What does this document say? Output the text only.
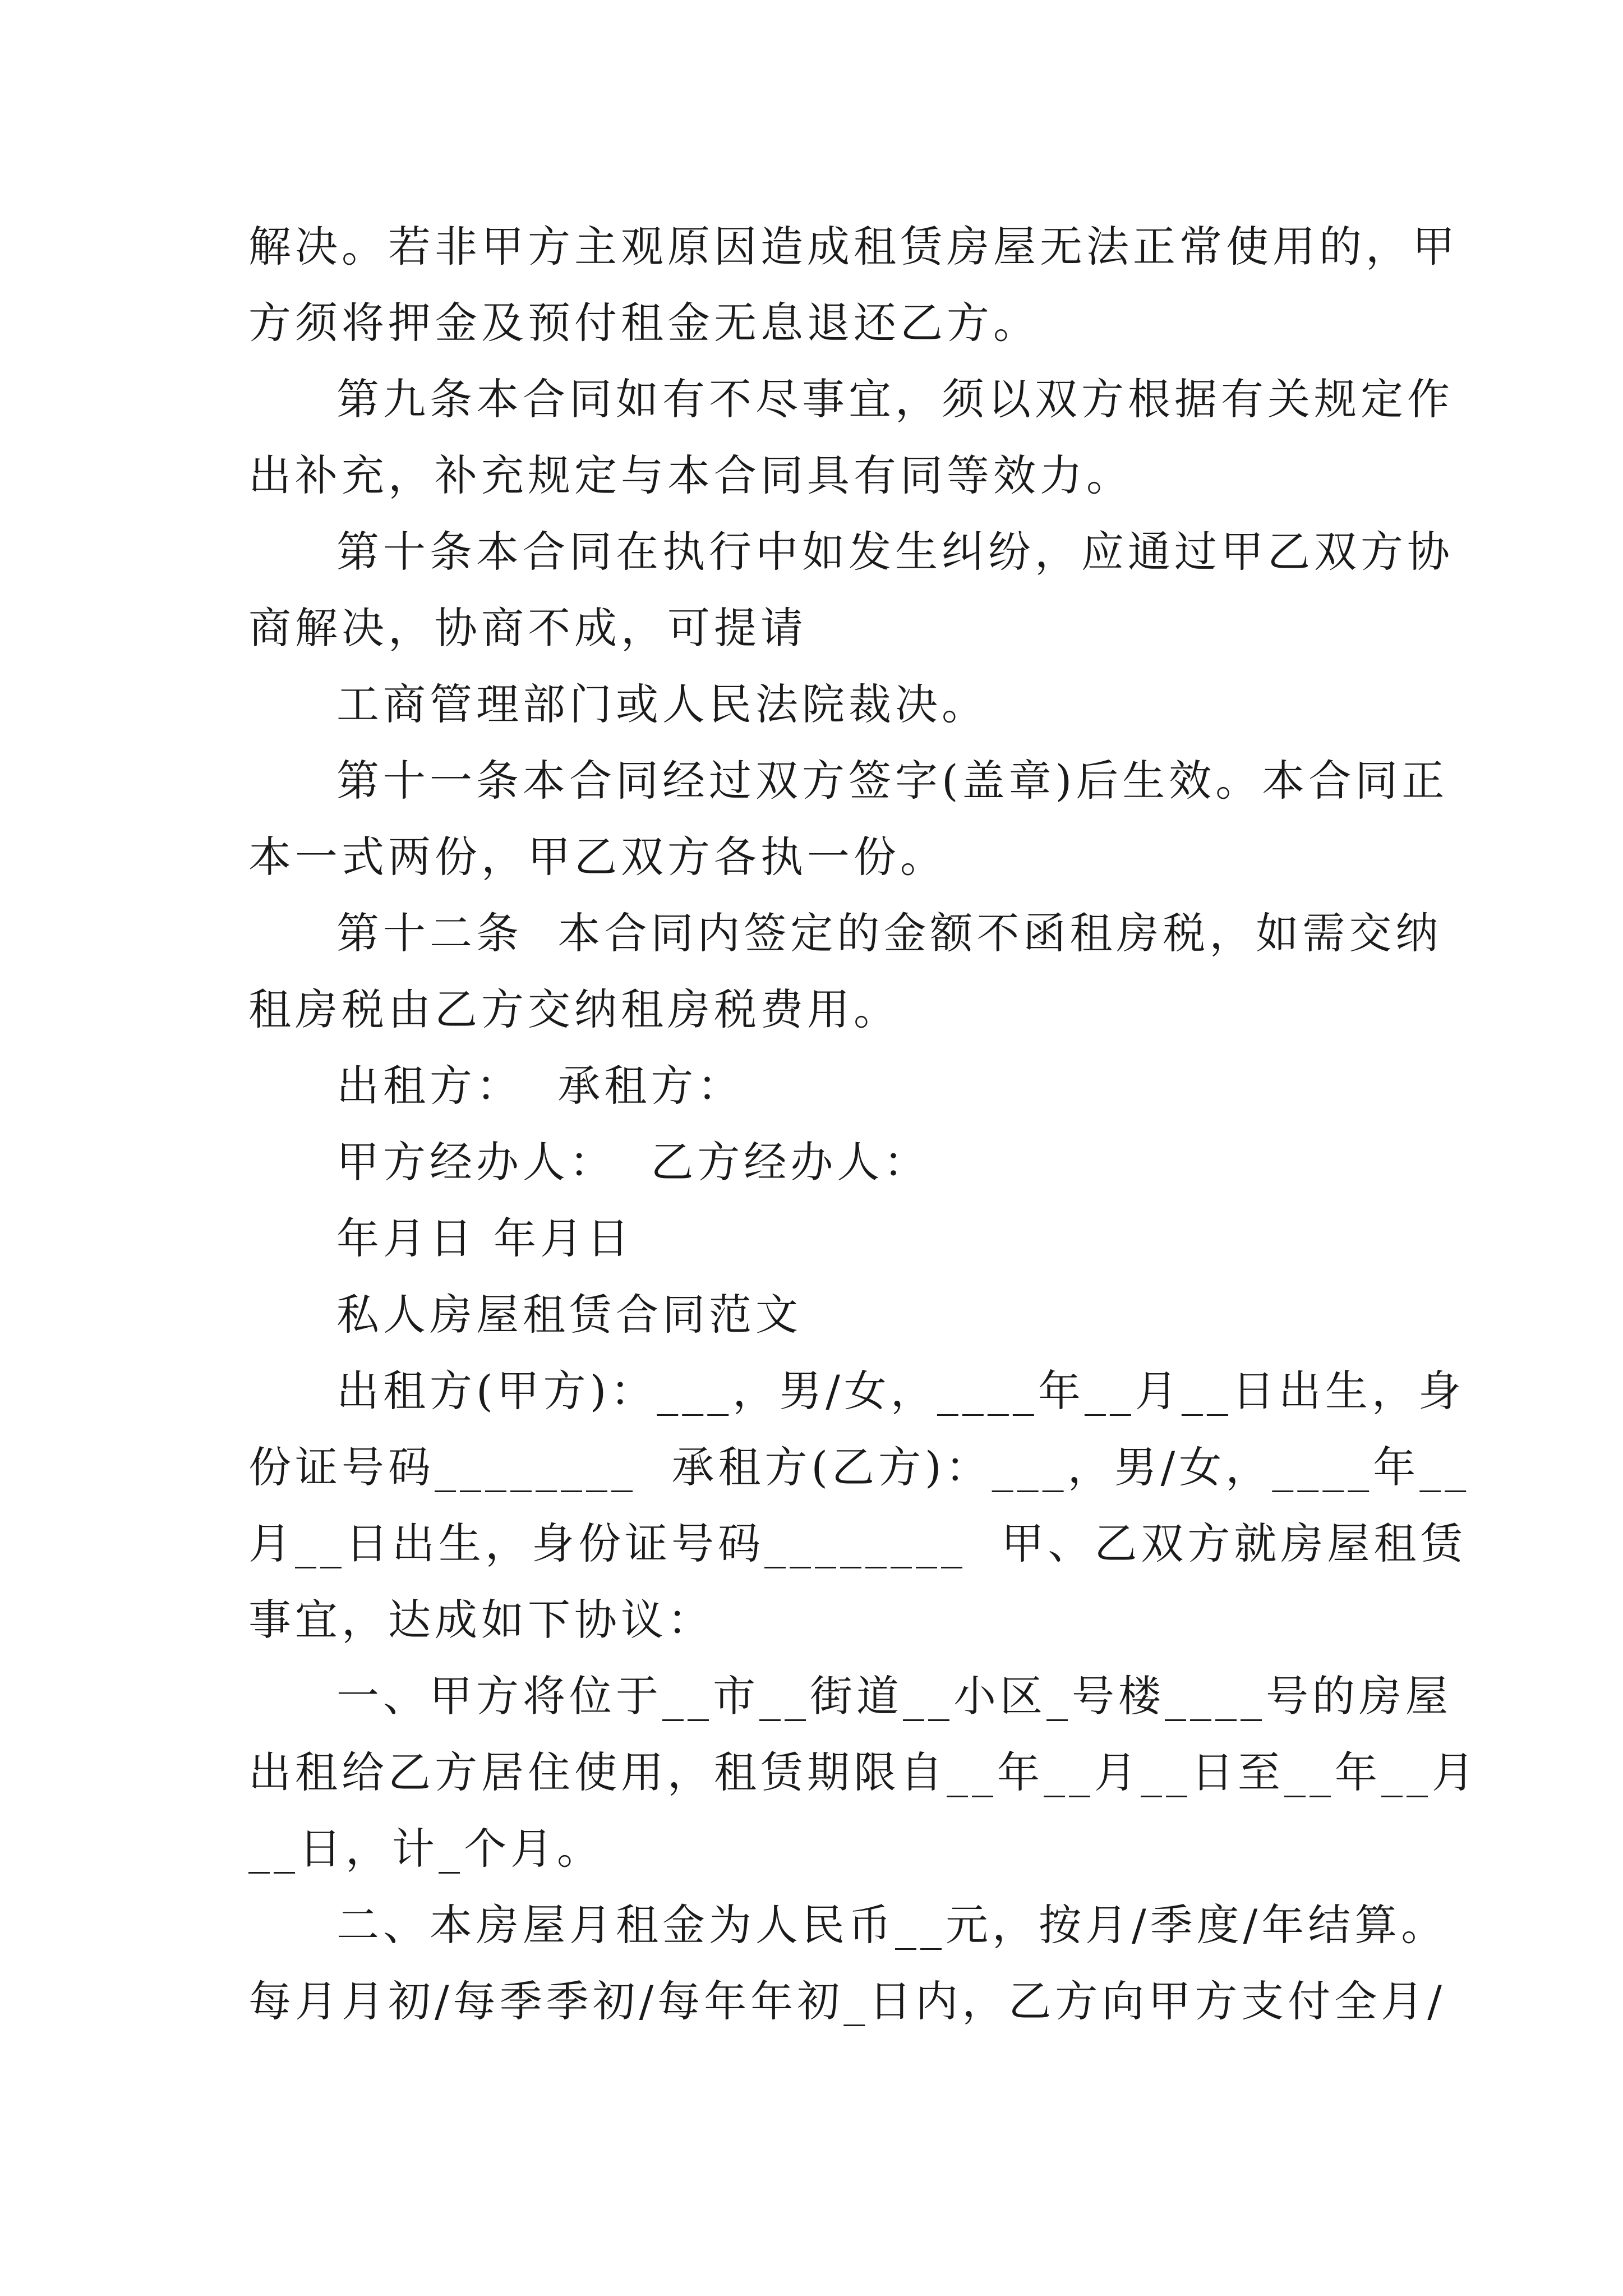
解决。若非甲方主观原因造成租赁房屋无法正常使用的，甲
方须将押金及预付租金无息退还乙方。
第九条本合同如有不尽事宜，须以双方根据有关规定作
出补充，补充规定与本合同具有同等效力。
第十条本合同在执行中如发生纠纷，应通过甲乙双方协
商解决，协商不成，可提请
工商管理部门或人民法院裁决。
第十一条本合同经过双方签字(盖章)后生效。本合同正
本一式两份，甲乙双方各执一份。
第十二条  本合同内签定的金额不函租房税，如需交纳
租房税由乙方交纳租房税费用。
出租方：  承租方：
甲方经办人：  乙方经办人：
年月日 年月日
私人房屋租赁合同范文
出租方(甲方)：___，男/女，____年__月__日出生，身
份证号码________  承租方(乙方)：___，男/女，____年__
月__日出生，身份证号码________  甲、乙双方就房屋租赁
事宜，达成如下协议：
一、甲方将位于__市__街道__小区_号楼____号的房屋
出租给乙方居住使用，租赁期限自__年__月__日至__年__月
__日，计_个月。
二、本房屋月租金为人民币__元，按月/季度/年结算。
每月月初/每季季初/每年年初_日内，乙方向甲方支付全月/
